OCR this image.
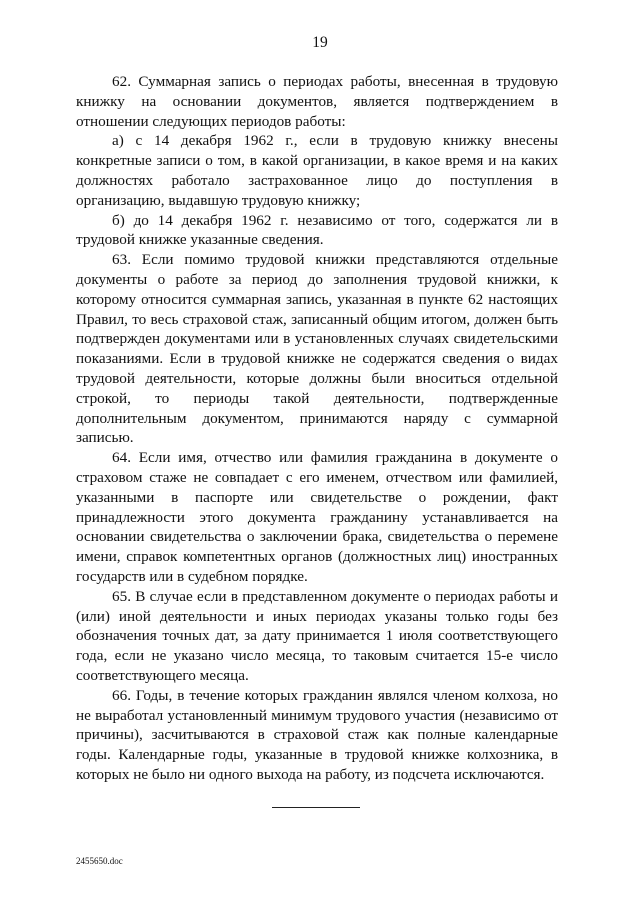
19

62. Суммарная запись о периодах работы, внесенная в трудовую книжку на основании документов, является подтверждением в отношении следующих периодов работы:

а) с 14 декабря 1962 г., если в трудовую книжку внесены конкретные записи о том, в какой организации, в какое время и на каких должностях работало застрахованное лицо до поступления в организацию, выдавшую трудовую книжку;

б) до 14 декабря 1962 г. независимо от того, содержатся ли в трудовой книжке указанные сведения.

63. Если помимо трудовой книжки представляются отдельные документы о работе за период до заполнения трудовой книжки, к которому относится суммарная запись, указанная в пункте 62 настоящих Правил, то весь страховой стаж, записанный общим итогом, должен быть подтвержден документами или в установленных случаях свидетельскими показаниями. Если в трудовой книжке не содержатся сведения о видах трудовой деятельности, которые должны были вноситься отдельной строкой, то периоды такой деятельности, подтвержденные дополнительным документом, принимаются наряду с суммарной записью.

64. Если имя, отчество или фамилия гражданина в документе о страховом стаже не совпадает с его именем, отчеством или фамилией, указанными в паспорте или свидетельстве о рождении, факт принадлежности этого документа гражданину устанавливается на основании свидетельства о заключении брака, свидетельства о перемене имени, справок компетентных органов (должностных лиц) иностранных государств или в судебном порядке.

65. В случае если в представленном документе о периодах работы и (или) иной деятельности и иных периодах указаны только годы без обозначения точных дат, за дату принимается 1 июля соответствующего года, если не указано число месяца, то таковым считается 15-е число соответствующего месяца.

66. Годы, в течение которых гражданин являлся членом колхоза, но не выработал установленный минимум трудового участия (независимо от причины), засчитываются в страховой стаж как полные календарные годы. Календарные годы, указанные в трудовой книжке колхозника, в которых не было ни одного выхода на работу, из подсчета исключаются.

2455650.doc
